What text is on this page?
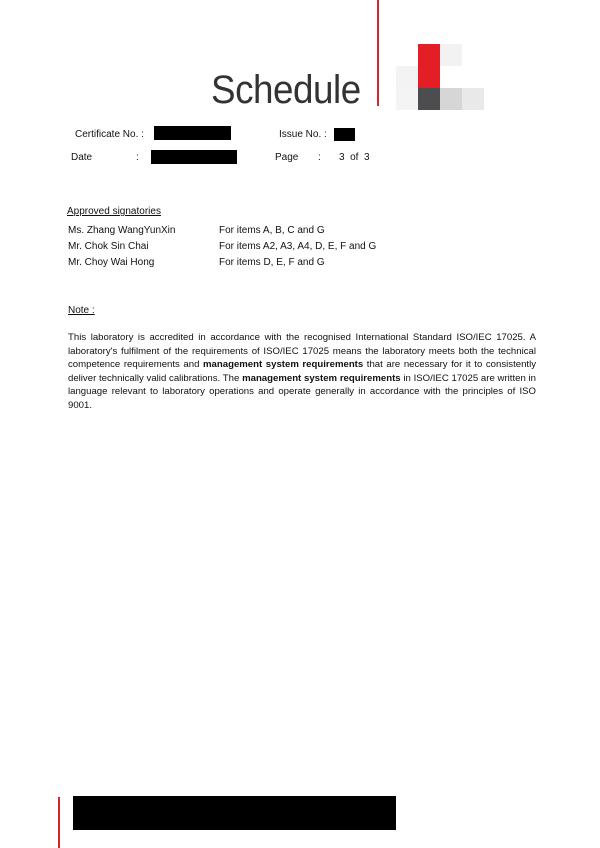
Schedule
Certificate No. :	Issue No. :
Date	:	Page : 3  of  3
Approved signatories
Ms. Zhang WangYunXin	For items A, B, C and G
Mr. Chok Sin Chai	For items A2, A3, A4, D, E, F and G
Mr. Choy Wai Hong	For items D, E, F and G
Note :
This laboratory is accredited in accordance with the recognised International Standard ISO/IEC 17025. A laboratory's fulfilment of the requirements of ISO/IEC 17025 means the laboratory meets both the technical competence requirements and management system requirements that are necessary for it to consistently deliver technically valid calibrations. The management system requirements in ISO/IEC 17025 are written in language relevant to laboratory operations and operate generally in accordance with the principles of ISO 9001.
